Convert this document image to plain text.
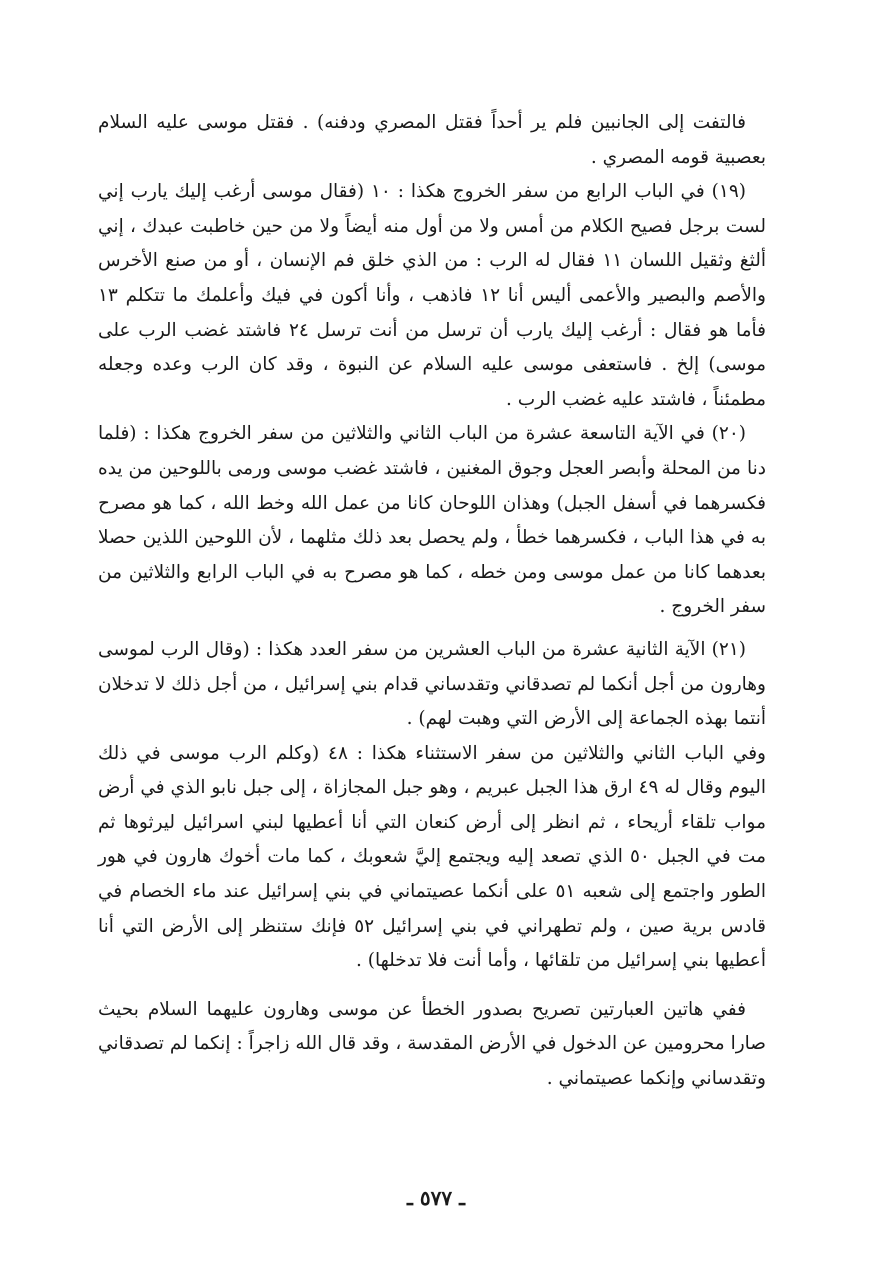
فالتفت إلى الجانبين فلم ير أحداً فقتل المصري ودفنه) . فقتل موسى عليه السلام بعصبية قومه المصري .

(١٩) في الباب الرابع من سفر الخروج هكذا : ١٠ (فقال موسى أرغب إليك يارب إني لست برجل فصيح الكلام من أمس ولا من أول منه أيضاً ولا من حين خاطبت عبدك ، إني ألثغ وثقيل اللسان ١١ فقال له الرب : من الذي خلق فم الإنسان ، أو من صنع الأخرس والأصم والبصير والأعمى أليس أنا ١٢ فاذهب ، وأنا أكون في فيك وأعلمك ما تتكلم ١٣ فأما هو فقال : أرغب إليك يارب أن ترسل من أنت ترسل ٢٤ فاشتد غضب الرب على موسى) إلخ . فاستعفى موسى عليه السلام عن النبوة ، وقد كان الرب وعده وجعله مطمئناً ، فاشتد عليه غضب الرب .

(٢٠) في الآية التاسعة عشرة من الباب الثاني والثلاثين من سفر الخروج هكذا : (فلما دنا من المحلة وأبصر العجل وجوق المغنين ، فاشتد غضب موسى ورمى باللوحين من يده فكسرهما في أسفل الجبل) وهذان اللوحان كانا من عمل الله وخط الله ، كما هو مصرح به في هذا الباب ، فكسرهما خطأ ، ولم يحصل بعد ذلك مثلهما ، لأن اللوحين اللذين حصلا بعدهما كانا من عمل موسى ومن خطه ، كما هو مصرح به في الباب الرابع والثلاثين من سفر الخروج .

(٢١) الآية الثانية عشرة من الباب العشرين من سفر العدد هكذا : (وقال الرب لموسى وهارون من أجل أنكما لم تصدقاني وتقدساني قدام بني إسرائيل ، من أجل ذلك لا تدخلان أنتما بهذه الجماعة إلى الأرض التي وهبت لهم) .

وفي الباب الثاني والثلاثين من سفر الاستثناء هكذا : ٤٨ (وكلم الرب موسى في ذلك اليوم وقال له ٤٩ ارق هذا الجبل عبريم ، وهو جبل المجازاة ، إلى جبل نابو الذي في أرض مواب تلقاء أريحاء ، ثم انظر إلى أرض كنعان التي أنا أعطيها لبني اسرائيل ليرثوها ثم مت في الجبل ٥٠ الذي تصعد إليه ويجتمع إليَّ شعوبك ، كما مات أخوك هارون في هور الطور واجتمع إلى شعبه ٥١ على أنكما عصيتماني في بني إسرائيل عند ماء الخصام في قادس برية صين ، ولم تطهراني في بني إسرائيل ٥٢ فإنك ستنظر إلى الأرض التي أنا أعطيها بني إسرائيل من تلقائها ، وأما أنت فلا تدخلها) .

ففي هاتين العبارتين تصريح بصدور الخطأ عن موسى وهارون عليهما السلام بحيث صارا محرومين عن الدخول في الأرض المقدسة ، وقد قال الله زاجراً : إنكما لم تصدقاني وتقدساني وإنكما عصيتماني .

ـ ٥٧٧ ـ
